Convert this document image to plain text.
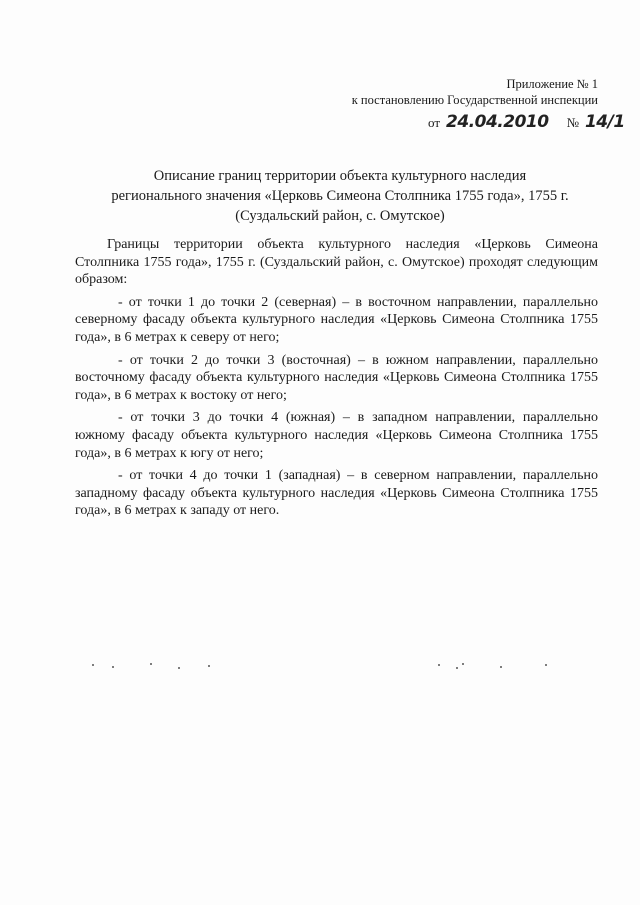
Приложение № 1
к постановлению Государственной инспекции
от 24.04.2010 № 14/1
Описание границ территории объекта культурного наследия
регионального значения «Церковь Симеона Столпника 1755 года», 1755 г.
(Суздальский район, с. Омутское)

Границы территории объекта культурного наследия «Церковь Симеона Столпника 1755 года», 1755 г. (Суздальский район, с. Омутское) проходят следующим образом:

- от точки 1 до точки 2 (северная) – в восточном направлении, параллельно северному фасаду объекта культурного наследия «Церковь Симеона Столпника 1755 года», в 6 метрах к северу от него;

- от точки 2 до точки 3 (восточная) – в южном направлении, параллельно восточному фасаду объекта культурного наследия «Церковь Симеона Столпника 1755 года», в 6 метрах к востоку от него;

- от точки 3 до точки 4 (южная) – в западном направлении, параллельно южному фасаду объекта культурного наследия «Церковь Симеона Столпника 1755 года», в 6 метрах к югу от него;

- от точки 4 до точки 1 (западная) – в северном направлении, параллельно западному фасаду объекта культурного наследия «Церковь Симеона Столпника 1755 года», в 6 метрах к западу от него.
